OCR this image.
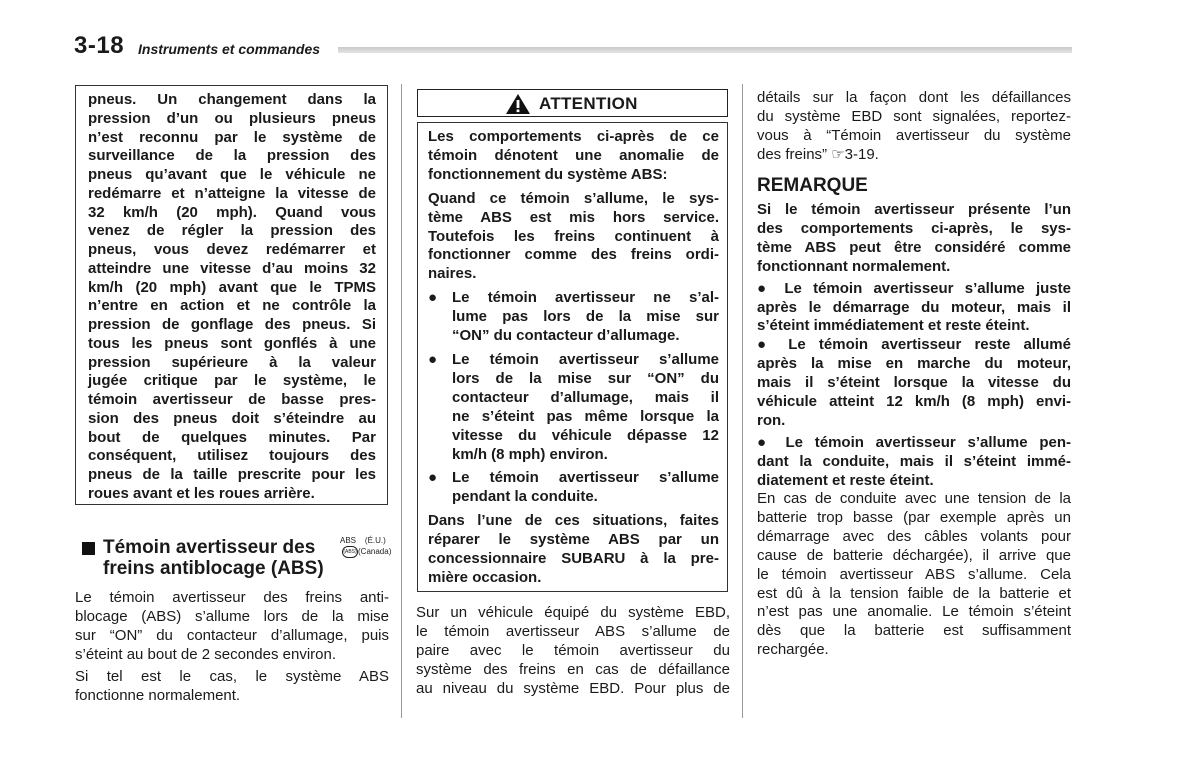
3-18 Instruments et commandes

pneus. Un changement dans la

pression d’un ou plusieurs pneus

n’est reconnu par le système de

surveillance de la pression des

pneus qu’avant que le véhicule ne

redémarre et n’atteigne la vitesse de

32 km/h (20 mph). Quand vous

venez de régler la pression des

pneus, vous devez redémarrer et

atteindre une vitesse d’au moins 32

km/h (20 mph) avant que le TPMS

n’entre en action et ne contrôle la

pression de gonflage des pneus. Si

tous les pneus sont gonflés à une

pression supérieure à la valeur

jugée critique par le système, le

témoin avertisseur de basse pres-

sion des pneus doit s’éteindre au

bout de quelques minutes. Par

conséquent, utilisez toujours des

pneus de la taille prescrite pour les

roues avant et les roues arrière.

Témoin avertisseur des
freins antiblocage (ABS)
ABS (É.U.)
(ABS)(Canada)

Le témoin avertisseur des freins anti-

blocage (ABS) s’allume lors de la mise

sur “ON” du contacteur d’allumage, puis

s’éteint au bout de 2 secondes environ.

Si tel est le cas, le système ABS

fonctionne normalement.

ATTENTION

Les comportements ci-après de ce

témoin dénotent une anomalie de

fonctionnement du système ABS:

Quand ce témoin s’allume, le sys-

tème ABS est mis hors service.

Toutefois les freins continuent à

fonctionner comme des freins ordi-

naires.

● Le témoin avertisseur ne s’al-

lume pas lors de la mise sur

“ON” du contacteur d’allumage.

● Le témoin avertisseur s’allume

lors de la mise sur “ON” du

contacteur d’allumage, mais il

ne s’éteint pas même lorsque la

vitesse du véhicule dépasse 12

km/h (8 mph) environ.

● Le témoin avertisseur s’allume

pendant la conduite.

Dans l’une de ces situations, faites

réparer le système ABS par un

concessionnaire SUBARU à la pre-

mière occasion.

Sur un véhicule équipé du système EBD,

le témoin avertisseur ABS s’allume de

paire avec le témoin avertisseur du

système des freins en cas de défaillance

au niveau du système EBD. Pour plus de

détails sur la façon dont les défaillances

du système EBD sont signalées, reportez-

vous à “Témoin avertisseur du système

des freins” ☞3-19.

REMARQUE

Si le témoin avertisseur présente l’un

des comportements ci-après, le sys-

tème ABS peut être considéré comme

fonctionnant normalement.

● Le témoin avertisseur s’allume juste

après le démarrage du moteur, mais il

s’éteint immédiatement et reste éteint.

● Le témoin avertisseur reste allumé

après la mise en marche du moteur,

mais il s’éteint lorsque la vitesse du

véhicule atteint 12 km/h (8 mph) envi-

ron.

● Le témoin avertisseur s’allume pen-

dant la conduite, mais il s’éteint immé-

diatement et reste éteint.

En cas de conduite avec une tension de la

batterie trop basse (par exemple après un

démarrage avec des câbles volants pour

cause de batterie déchargée), il arrive que

le témoin avertisseur ABS s’allume. Cela

est dû à la tension faible de la batterie et

n’est pas une anomalie. Le témoin s’éteint

dès que la batterie est suffisamment

rechargée.
